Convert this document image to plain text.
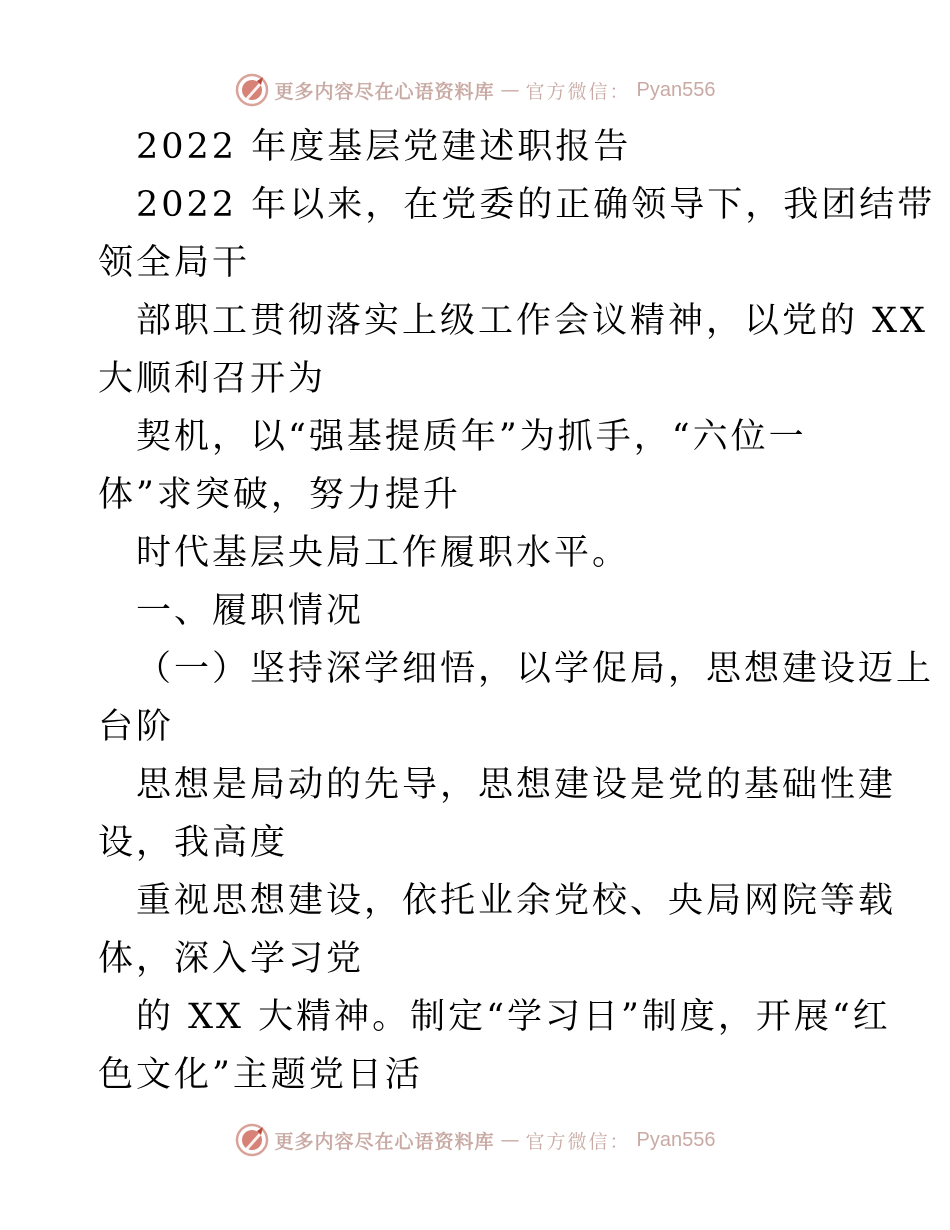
更多内容尽在心语资料库 — 官方微信： Pyan556
2022 年度基层党建述职报告
2022 年以来，在党委的正确领导下，我团结带
领全局干
部职工贯彻落实上级工作会议精神，以党的 XX
大顺利召开为
契机，以“强基提质年”为抓手，“六位一
体”求突破，努力提升
时代基层央局工作履职水平。
一、履职情况
（一）坚持深学细悟，以学促局，思想建设迈上
台阶
思想是局动的先导，思想建设是党的基础性建
设，我高度
重视思想建设，依托业余党校、央局网院等载
体，深入学习党
的 XX 大精神。制定“学习日”制度，开展“红
色文化”主题党日活
更多内容尽在心语资料库 — 官方微信： Pyan556
